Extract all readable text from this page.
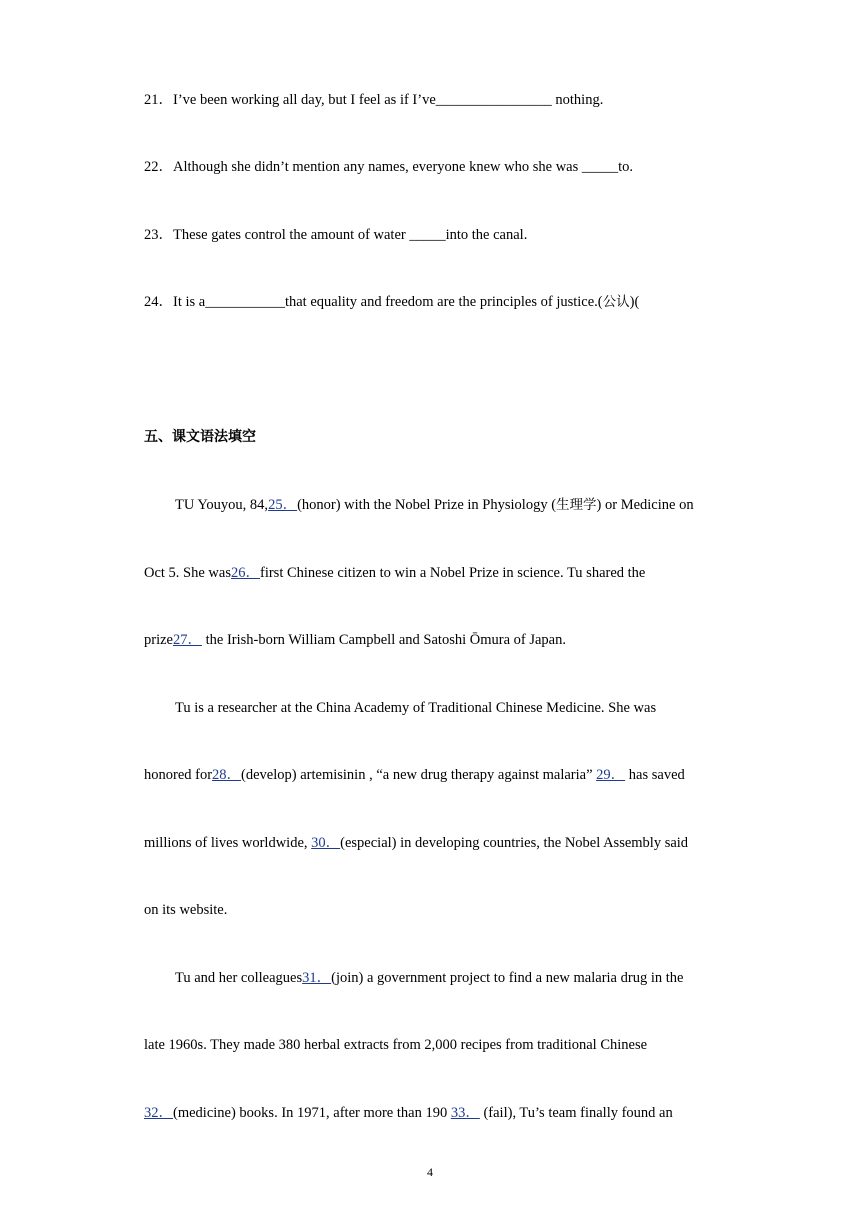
21．I’ve been working all day, but I feel as if I’ve________________ nothing.
22．Although she didn’t mention any names, everyone knew who she was _____to.
23．These gates control the amount of water _____into the canal.
24．It is a___________that equality and freedom are the principles of justice.(公认)(
五、课文语法填空
TU Youyou, 84,25．(honor) with the Nobel Prize in Physiology (生理学) or Medicine on
Oct 5. She was26．first Chinese citizen to win a Nobel Prize in science. Tu shared the
prize27． the Irish-born William Campbell and Satoshi Ōmura of Japan.
Tu is a researcher at the China Academy of Traditional Chinese Medicine. She was
honored for28．(develop) artemisinin , “a new drug therapy against malaria” 29． has saved
millions of lives worldwide, 30．(especial) in developing countries, the Nobel Assembly said
on its website.
Tu and her colleagues31．(join) a government project to find a new malaria drug in the
late 1960s. They made 380 herbal extracts from 2,000 recipes from traditional Chinese
32．(medicine) books. In 1971, after more than 190 33． (fail), Tu’s team finally found an
4
